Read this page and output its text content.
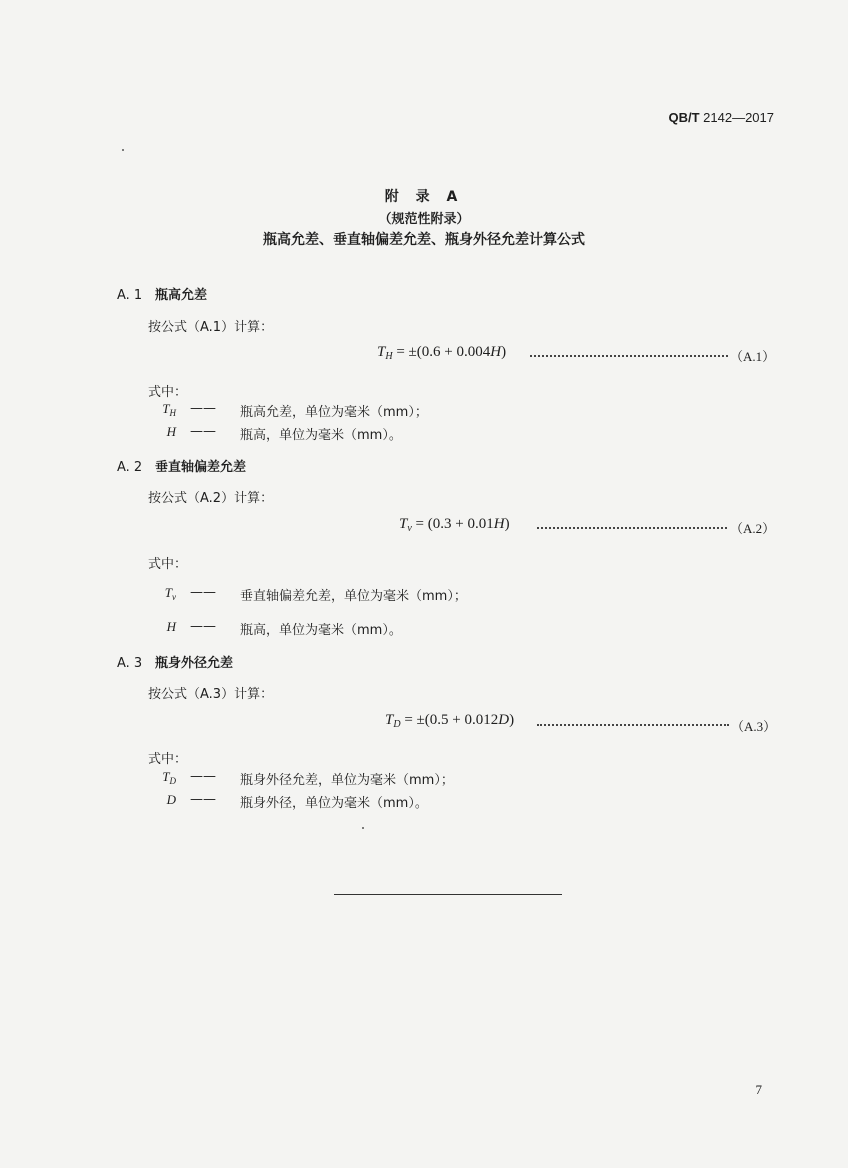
QB/T 2142—2017
附 录 A
（规范性附录）
瓶高允差、垂直轴偏差允差、瓶身外径允差计算公式
A. 1 瓶高允差
按公式（A.1）计算：
$T_H = \pm(0.6 + 0.004H)$	（A.1）
式中：
$T_H$ —— 瓶高允差，单位为毫米（mm）；
H —— 瓶高，单位为毫米（mm）。
A. 2 垂直轴偏差允差
按公式（A.2）计算：
$T_v = (0.3 + 0.01H)$	（A.2）
式中：
$T_v$ —— 垂直轴偏差允差，单位为毫米（mm）；
H —— 瓶高，单位为毫米（mm）。
A. 3 瓶身外径允差
按公式（A.3）计算：
$T_D = \pm(0.5 + 0.012D)$	（A.3）
式中：
$T_D$ —— 瓶身外径允差，单位为毫米（mm）；
D —— 瓶身外径，单位为毫米（mm）。
7
